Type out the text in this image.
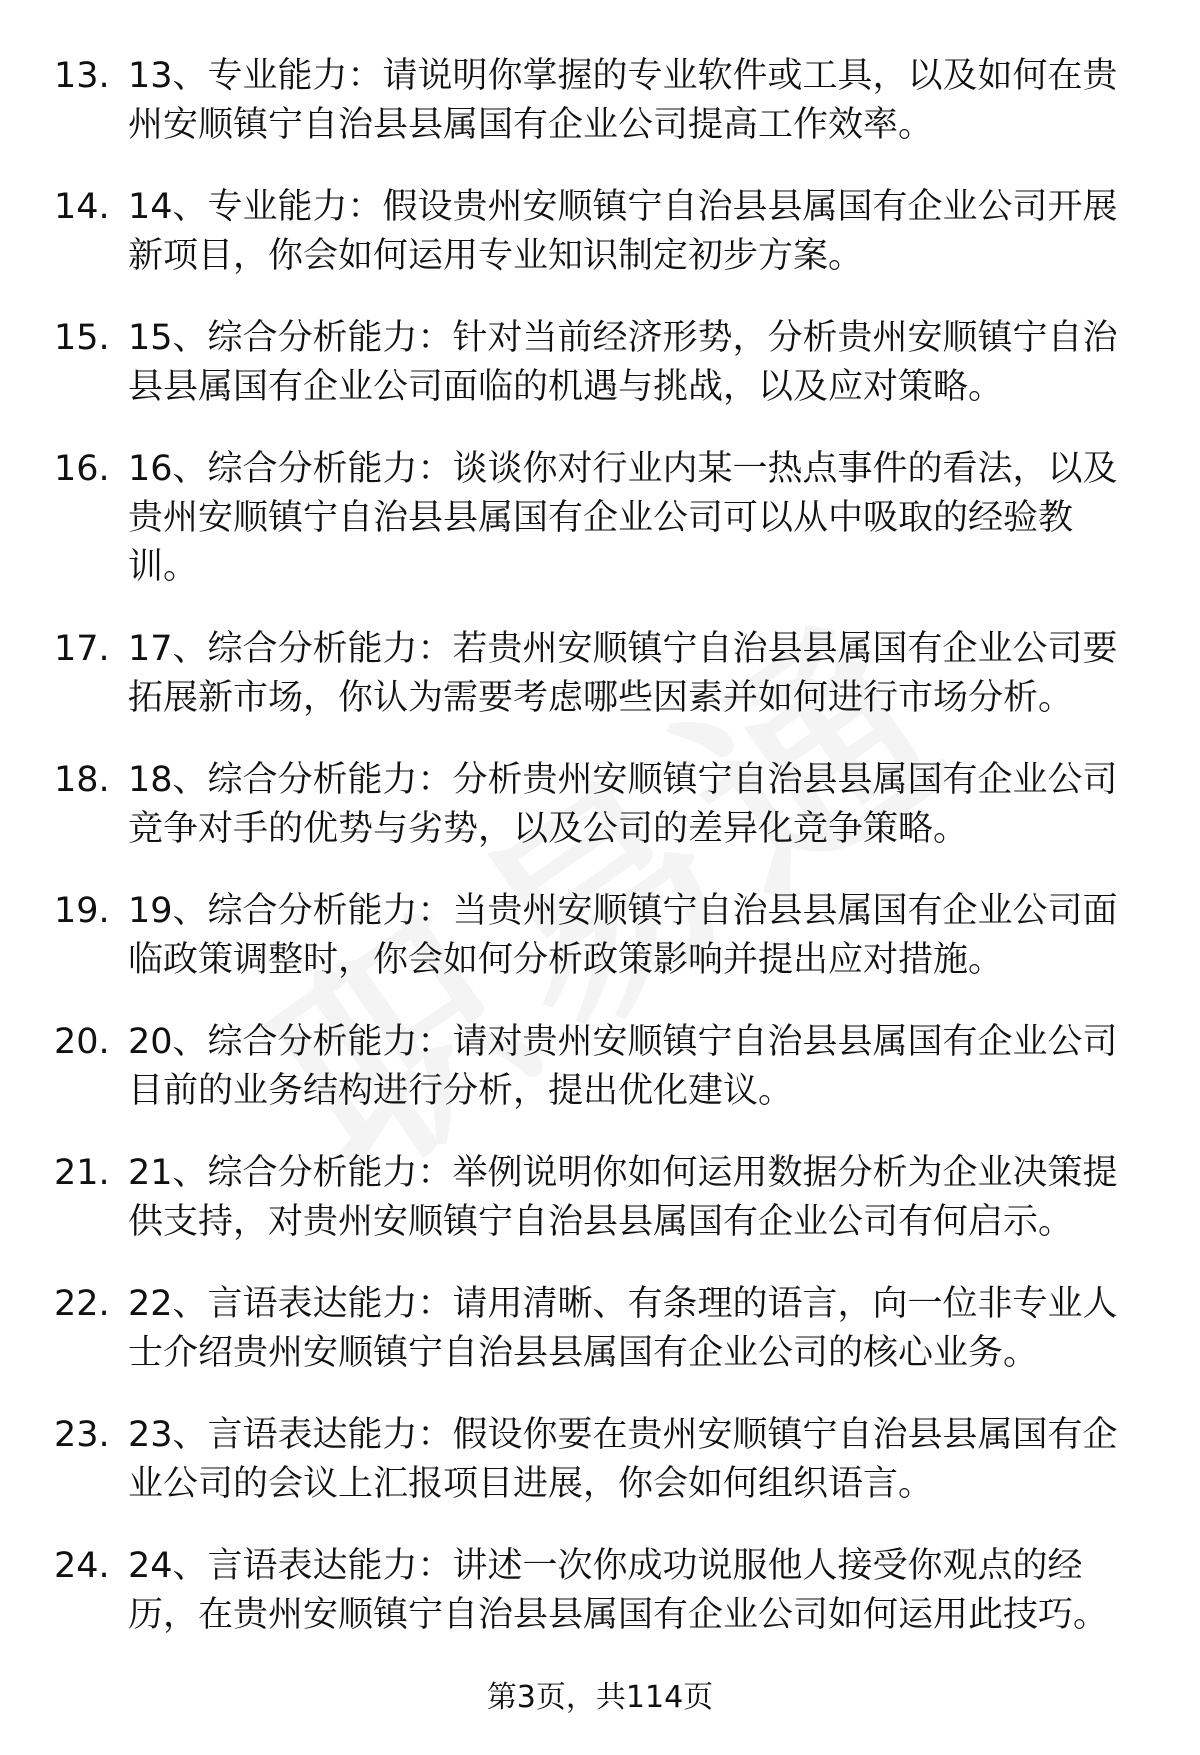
13. 13、专业能力：请说明你掌握的专业软件或工具，以及如何在贵州安顺镇宁自治县县属国有企业公司提高工作效率。
14. 14、专业能力：假设贵州安顺镇宁自治县县属国有企业公司开展新项目，你会如何运用专业知识制定初步方案。
15. 15、综合分析能力：针对当前经济形势，分析贵州安顺镇宁自治县县属国有企业公司面临的机遇与挑战，以及应对策略。
16. 16、综合分析能力：谈谈你对行业内某一热点事件的看法，以及贵州安顺镇宁自治县县属国有企业公司可以从中吸取的经验教训。
17. 17、综合分析能力：若贵州安顺镇宁自治县县属国有企业公司要拓展新市场，你认为需要考虑哪些因素并如何进行市场分析。
18. 18、综合分析能力：分析贵州安顺镇宁自治县县属国有企业公司竞争对手的优势与劣势，以及公司的差异化竞争策略。
19. 19、综合分析能力：当贵州安顺镇宁自治县县属国有企业公司面临政策调整时，你会如何分析政策影响并提出应对措施。
20. 20、综合分析能力：请对贵州安顺镇宁自治县县属国有企业公司目前的业务结构进行分析，提出优化建议。
21. 21、综合分析能力：举例说明你如何运用数据分析为企业决策提供支持，对贵州安顺镇宁自治县县属国有企业公司有何启示。
22. 22、言语表达能力：请用清晰、有条理的语言，向一位非专业人士介绍贵州安顺镇宁自治县县属国有企业公司的核心业务。
23. 23、言语表达能力：假设你要在贵州安顺镇宁自治县县属国有企业公司的会议上汇报项目进展，你会如何组织语言。
24. 24、言语表达能力：讲述一次你成功说服他人接受你观点的经历，在贵州安顺镇宁自治县县属国有企业公司如何运用此技巧。
第3页，共114页
